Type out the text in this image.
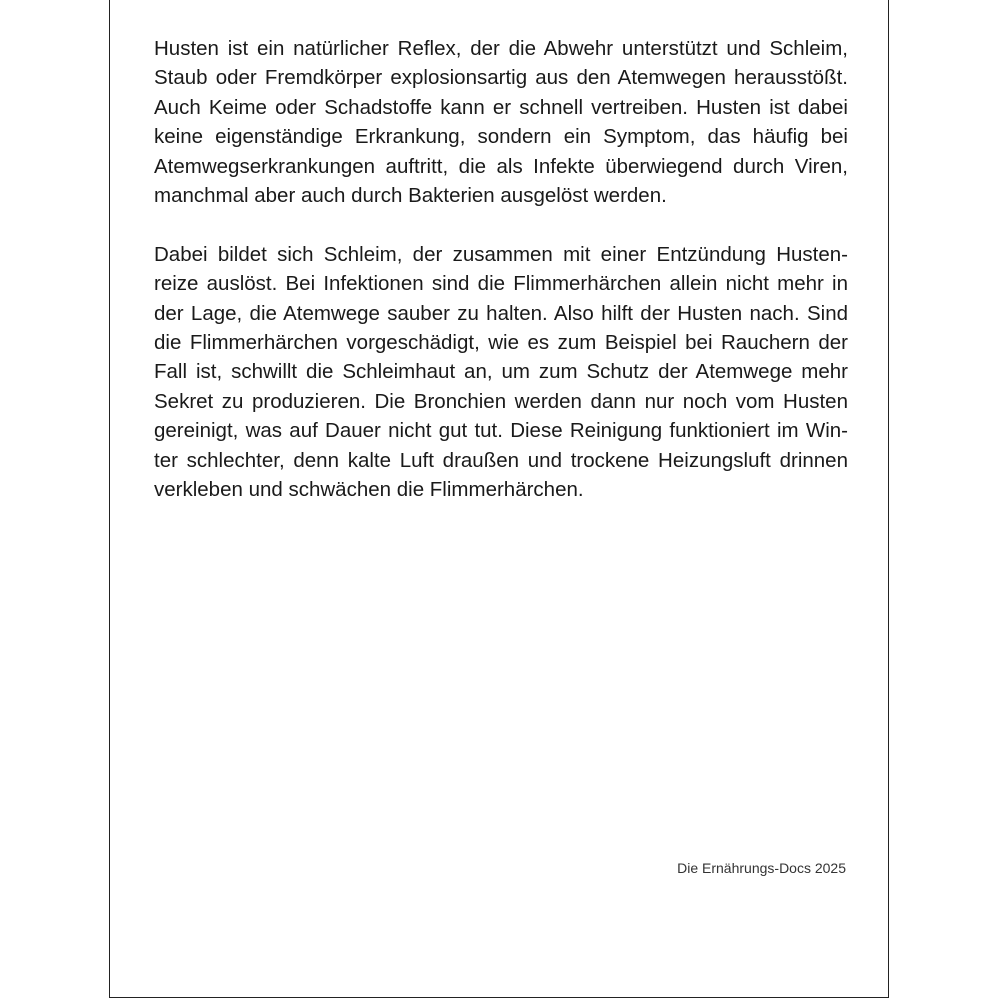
Husten ist ein natürlicher Reflex, der die Abwehr unterstützt und Schleim,
Staub oder Fremdkörper explosionsartig aus den Atemwegen herausstößt.
Auch Keime oder Schadstoffe kann er schnell vertreiben. Husten ist dabei
keine eigenständige Erkrankung, sondern ein Symptom, das häufig bei
Atemwegserkrankungen auftritt, die als Infekte überwiegend durch Viren,
manchmal aber auch durch Bakterien ausgelöst werden.

Dabei bildet sich Schleim, der zusammen mit einer Entzündung Husten-
reize auslöst. Bei Infektionen sind die Flimmerhärchen allein nicht mehr in
der Lage, die Atemwege sauber zu halten. Also hilft der Husten nach. Sind
die Flimmerhärchen vorgeschädigt, wie es zum Beispiel bei Rauchern der
Fall ist, schwillt die Schleimhaut an, um zum Schutz der Atemwege mehr
Sekret zu produzieren. Die Bronchien werden dann nur noch vom Husten
gereinigt, was auf Dauer nicht gut tut. Diese Reinigung funktioniert im Win-
ter schlechter, denn kalte Luft draußen und trockene Heizungsluft drinnen
verkleben und schwächen die Flimmerhärchen.

Die Ernährungs-Docs 2025
